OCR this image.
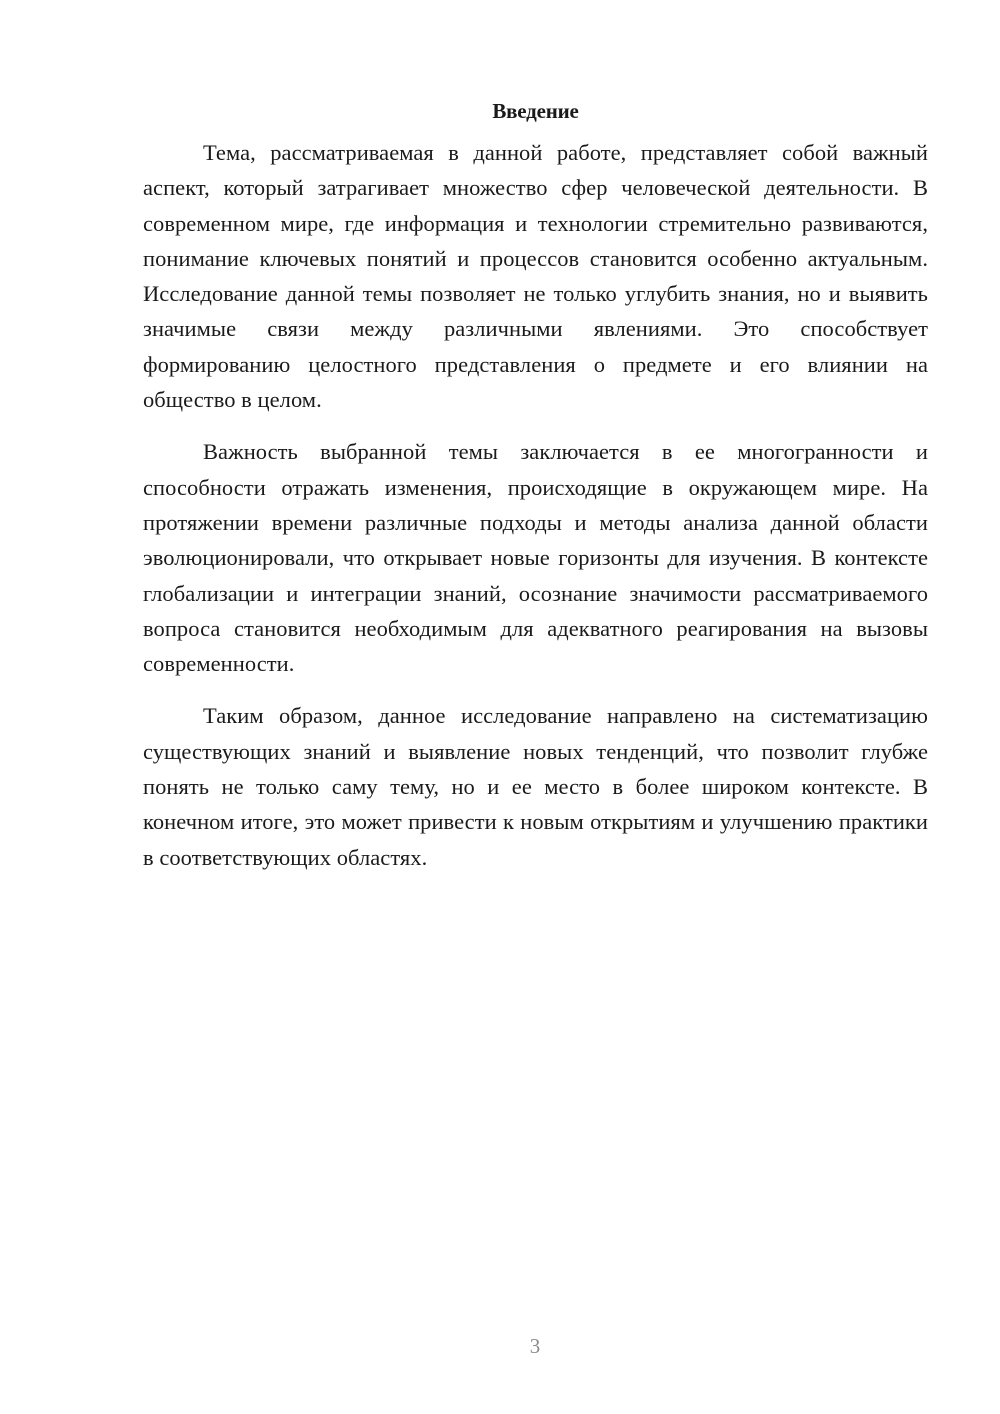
Введение

Тема, рассматриваемая в данной работе, представляет собой важный аспект, который затрагивает множество сфер человеческой деятельности. В современном мире, где информация и технологии стремительно развиваются, понимание ключевых понятий и процессов становится особенно актуальным. Исследование данной темы позволяет не только углубить знания, но и выявить значимые связи между различными явлениями. Это способствует формированию целостного представления о предмете и его влиянии на общество в целом.

Важность выбранной темы заключается в ее многогранности и способности отражать изменения, происходящие в окружающем мире. На протяжении времени различные подходы и методы анализа данной области эволюционировали, что открывает новые горизонты для изучения. В контексте глобализации и интеграции знаний, осознание значимости рассматриваемого вопроса становится необходимым для адекватного реагирования на вызовы современности.

Таким образом, данное исследование направлено на систематизацию существующих знаний и выявление новых тенденций, что позволит глубже понять не только саму тему, но и ее место в более широком контексте. В конечном итоге, это может привести к новым открытиям и улучшению практики в соответствующих областях.

3
